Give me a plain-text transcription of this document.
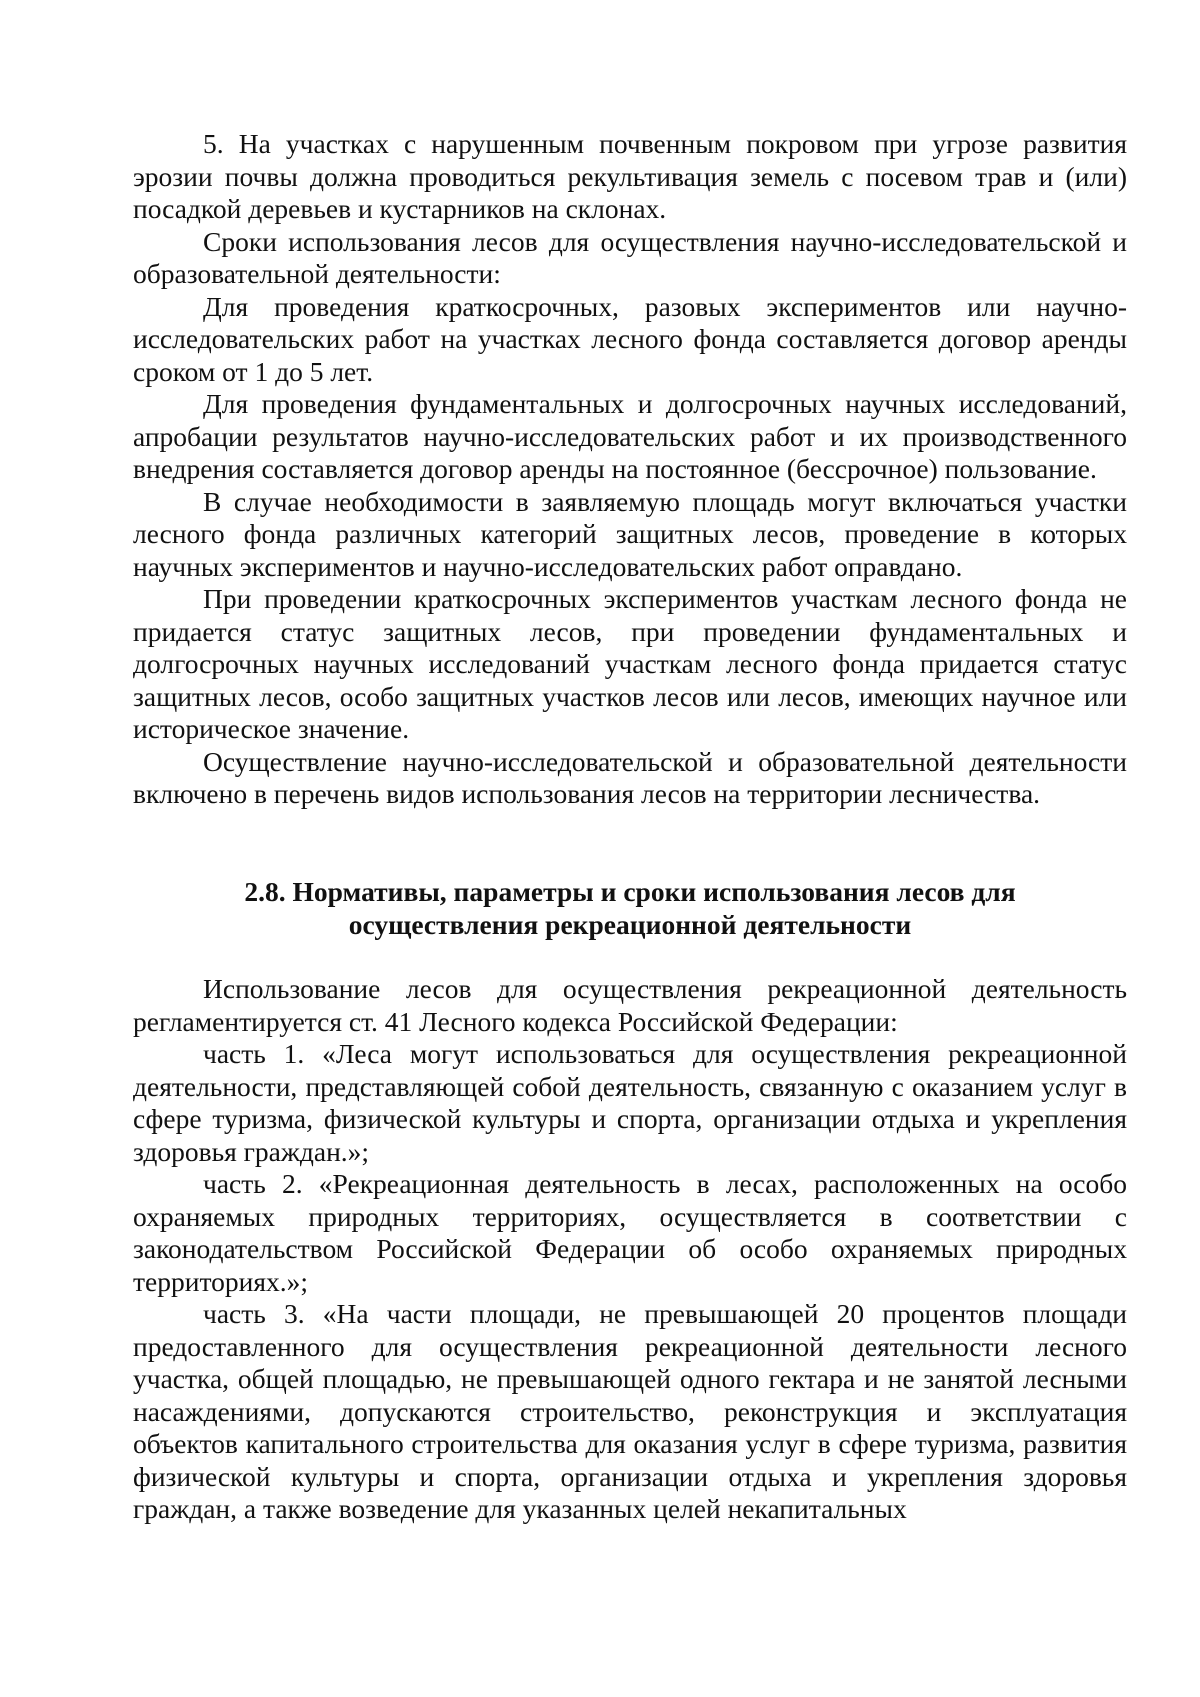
5. На участках с нарушенным почвенным покровом при угрозе развития эрозии почвы должна проводиться рекультивация земель с посевом трав и (или) посадкой деревьев и кустарников на склонах.

Сроки использования лесов для осуществления научно-исследовательской и образовательной деятельности:

Для проведения краткосрочных, разовых экспериментов или научно-исследовательских работ на участках лесного фонда составляется договор аренды сроком от 1 до 5 лет.

Для проведения фундаментальных и долгосрочных научных исследований, апробации результатов научно-исследовательских работ и их производственного внедрения составляется договор аренды на постоянное (бессрочное) пользование.

В случае необходимости в заявляемую площадь могут включаться участки лесного фонда различных категорий защитных лесов, проведение в которых научных экспериментов и научно-исследовательских работ оправдано.

При проведении краткосрочных экспериментов участкам лесного фонда не придается статус защитных лесов, при проведении фундаментальных и долгосрочных научных исследований участкам лесного фонда придается статус защитных лесов, особо защитных участков лесов или лесов, имеющих научное или историческое значение.

Осуществление научно-исследовательской и образовательной деятельности включено в перечень видов использования лесов на территории лесничества.

2.8. Нормативы, параметры и сроки использования лесов для
осуществления рекреационной деятельности

Использование лесов для осуществления рекреационной деятельность регламентируется ст. 41 Лесного кодекса Российской Федерации:

часть 1. «Леса могут использоваться для осуществления рекреационной деятельности, представляющей собой деятельность, связанную с оказанием услуг в сфере туризма, физической культуры и спорта, организации отдыха и укрепления здоровья граждан.»;

часть 2. «Рекреационная деятельность в лесах, расположенных на особо охраняемых природных территориях, осуществляется в соответствии с законодательством Российской Федерации об особо охраняемых природных территориях.»;

часть 3. «На части площади, не превышающей 20 процентов площади предоставленного для осуществления рекреационной деятельности лесного участка, общей площадью, не превышающей одного гектара и не занятой лесными насаждениями, допускаются строительство, реконструкция и эксплуатация объектов капитального строительства для оказания услуг в сфере туризма, развития физической культуры и спорта, организации отдыха и укрепления здоровья граждан, а также возведение для указанных целей некапитальных
